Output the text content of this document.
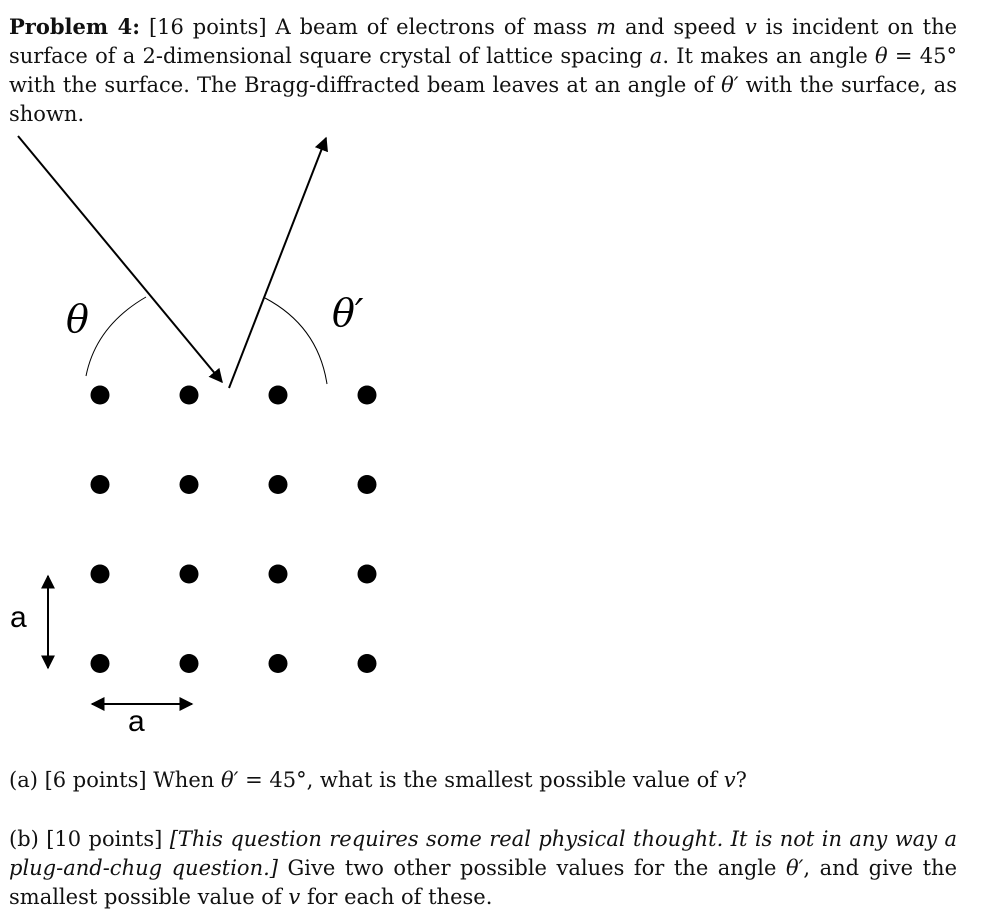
Problem 4: [16 points] A beam of electrons of mass m and speed v is incident on the surface of a 2-dimensional square crystal of lattice spacing a. It makes an angle θ = 45° with the surface. The Bragg-diffracted beam leaves at an angle of θ′ with the surface, as shown.
θ	θ′
a
a
(a) [6 points] When θ′ = 45°, what is the smallest possible value of v?
(b) [10 points] [This question requires some real physical thought. It is not in any way a plug-and-chug question.] Give two other possible values for the angle θ′, and give the smallest possible value of v for each of these.
